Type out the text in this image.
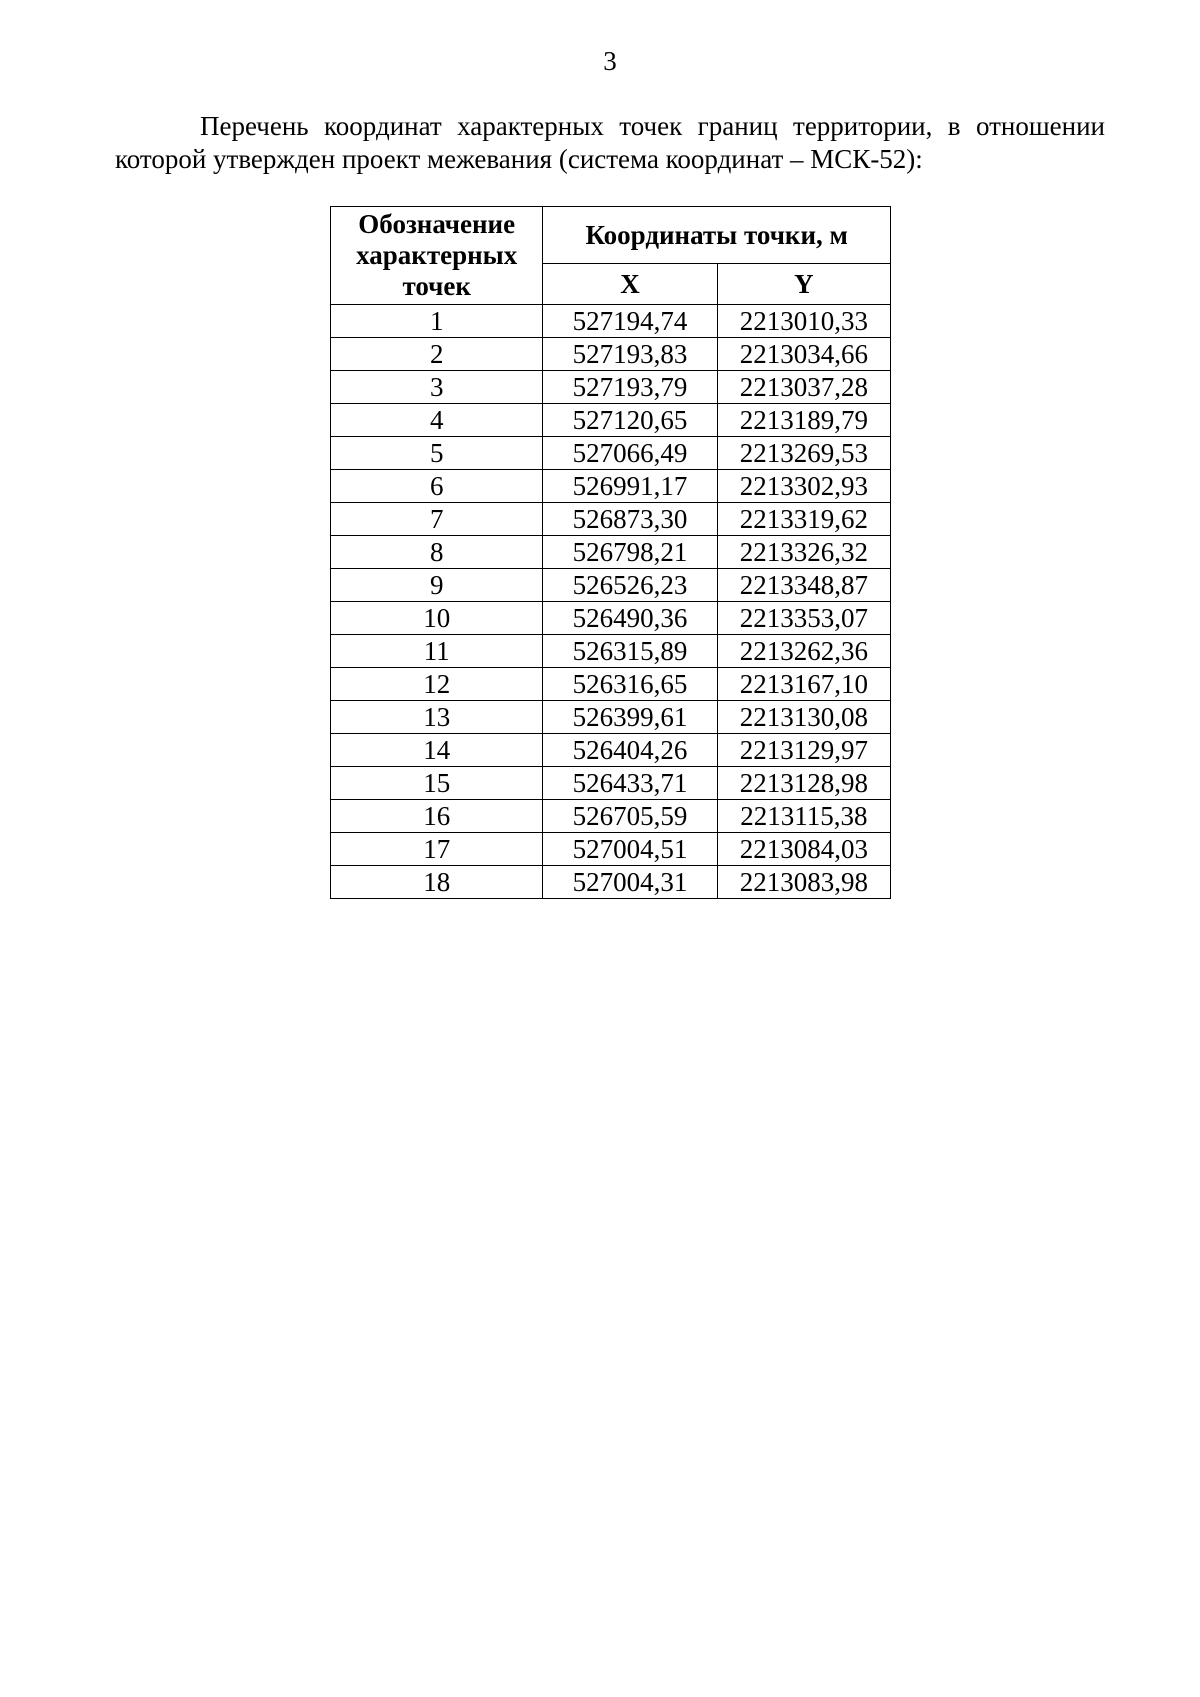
3

Перечень координат характерных точек границ территории, в отношении которой утвержден проект межевания (система координат – МСК-52):

Обозначение характерных точек	Координаты точки, м	
	X	Y
1	527194,74	2213010,33
2	527193,83	2213034,66
3	527193,79	2213037,28
4	527120,65	2213189,79
5	527066,49	2213269,53
6	526991,17	2213302,93
7	526873,30	2213319,62
8	526798,21	2213326,32
9	526526,23	2213348,87
10	526490,36	2213353,07
11	526315,89	2213262,36
12	526316,65	2213167,10
13	526399,61	2213130,08
14	526404,26	2213129,97
15	526433,71	2213128,98
16	526705,59	2213115,38
17	527004,51	2213084,03
18	527004,31	2213083,98
